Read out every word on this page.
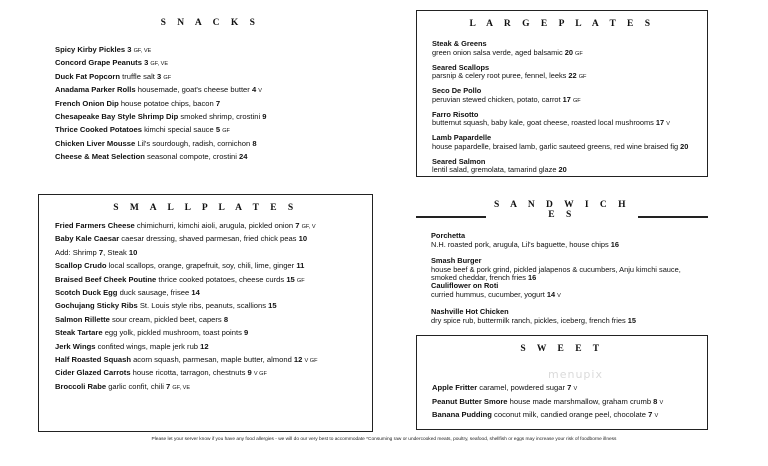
S N A C K S
Spicy Kirby Pickles 3 GF, VE
Concord Grape Peanuts 3 GF, VE
Duck Fat Popcorn truffle salt 3 GF
Anadama Parker Rolls housemade, goat's cheese butter 4 V
French Onion Dip house potatoe chips, bacon 7
Chesapeake Bay Style Shrimp Dip smoked shrimp, crostini 9
Thrice Cooked Potatoes kimchi special sauce 5 GF
Chicken Liver Mousse Lil's sourdough, radish, cornichon 8
Cheese & Meat Selection seasonal compote, crostini 24
S M A L L P L A T E S
Fried Farmers Cheese chimichurri, kimchi aioli, arugula, pickled onion 7 GF, V
Baby Kale Caesar caesar dressing, shaved parmesan, fried chick peas 10
Add: Shrimp 7, Steak 10
Scallop Crudo local scallops, orange, grapefruit, soy, chili, lime, ginger 11
Braised Beef Cheek Poutine thrice cooked potatoes, cheese curds 15 GF
Scotch Duck Egg duck sausage, frisee 14
Gochujang Sticky Ribs St. Louis style ribs, peanuts, scallions 15
Salmon Rillette sour cream, pickled beet, capers 8
Steak Tartare egg yolk, pickled mushroom, toast points 9
Jerk Wings confited wings, maple jerk rub 12
Half Roasted Squash acorn squash, parmesan, maple butter, almond 12 V GF
Cider Glazed Carrots house ricotta, tarragon, chestnuts 9 V GF
Broccoli Rabe garlic confit, chili 7 GF, VE
L A R G E P L A T E S
Steak & Greens
green onion salsa verde, aged balsamic 20 GF
Seared Scallops
parsnip & celery root puree, fennel, leeks 22 GF
Seco De Pollo
peruvian stewed chicken, potato, carrot 17 GF
Farro Risotto
butternut squash, baby kale, goat cheese, roasted local mushrooms 17 V
Lamb Papardelle
house papardelle, braised lamb, garlic sauteed greens, red wine braised fig 20
Seared Salmon
lentil salad, gremolata, tamarind glaze 20
S A N D W I C H E S
Porchetta
N.H. roasted pork, arugula, Lil's baguette, house chips 16
Smash Burger
house beef & pork grind, pickled jalapenos & cucumbers, Anju kimchi sauce,
smoked cheddar, french fries 16
Cauliflower on Roti
curried hummus, cucumber, yogurt 14 V
Nashville Hot Chicken
dry spice rub, buttermilk ranch, pickles, iceberg, french fries 15
S W E E T
Apple Fritter caramel, powdered sugar 7 V
Peanut Butter Smore house made marshmallow, graham crumb 8 V
Banana Pudding coconut milk, candied orange peel, chocolate 7 V
menupix
Please let your server know if you have any food allergies - we will do our very best to accommodate *Consuming raw or undercooked meats, poultry, seafood, shellfish or eggs may increase your risk of foodborne illness
